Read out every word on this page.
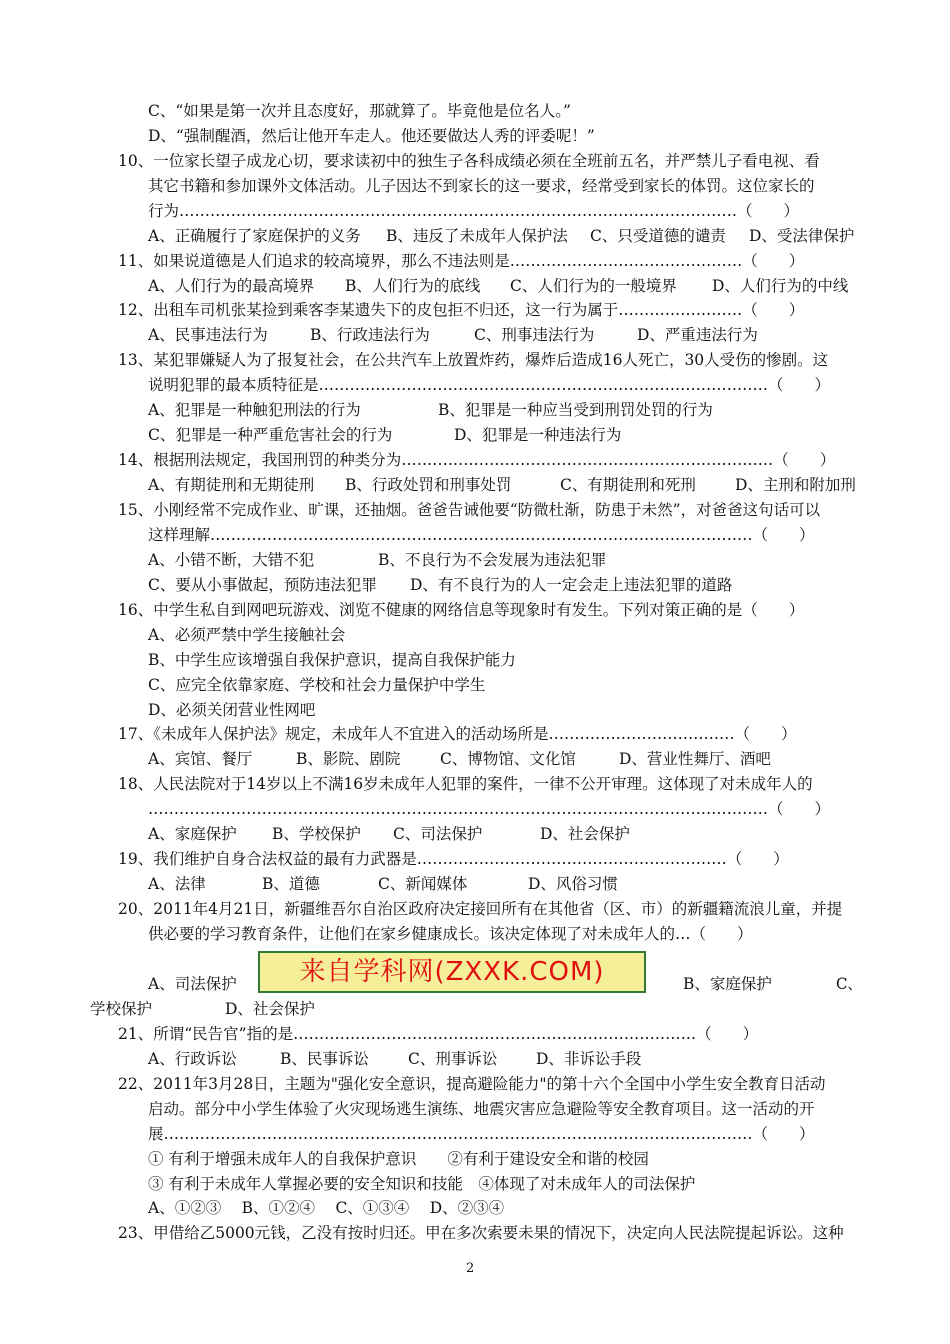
C、“如果是第一次并且态度好，那就算了。毕竟他是位名人。”
D、“强制醒酒，然后让他开车走人。他还要做达人秀的评委呢！”
10、一位家长望子成龙心切，要求读初中的独生子各科成绩必须在全班前五名，并严禁儿子看电视、看
其它书籍和参加课外文体活动。儿子因达不到家长的这一要求，经常受到家长的体罚。这位家长的
行为………………………………………………………………………………………………（　　）
A、正确履行了家庭保护的义务 B、违反了未成年人保护法 C、只受道德的谴责 D、受法律保护
11、如果说道德是人们追求的较高境界，那么不违法则是………………………………………（　　）
A、人们行为的最高境界 B、人们行为的底线 C、人们行为的一般境界 D、人们行为的中线
12、出租车司机张某捡到乘客李某遗失下的皮包拒不归还，这一行为属于……………………（　　）
A、民事违法行为	B、行政违法行为	C、刑事违法行为	D、严重违法行为
13、某犯罪嫌疑人为了报复社会，在公共汽车上放置炸药，爆炸后造成16人死亡，30人受伤的惨剧。这
说明犯罪的最本质特征是……………………………………………………………………………（　　）
A、犯罪是一种触犯刑法的行为	B、犯罪是一种应当受到刑罚处罚的行为
C、犯罪是一种严重危害社会的行为	D、犯罪是一种违法行为
14、根据刑法规定，我国刑罚的种类分为………………………………………………………………（　　）
A、有期徒刑和无期徒刑 B、行政处罚和刑事处罚	C、有期徒刑和死刑	D、主刑和附加刑
15、小刚经常不完成作业、旷课，还抽烟。爸爸告诫他要“防微杜渐，防患于未然”，对爸爸这句话可以
这样理解……………………………………………………………………………………………（　　）
A、小错不断，大错不犯	B、不良行为不会发展为违法犯罪
C、要从小事做起，预防违法犯罪 D、有不良行为的人一定会走上违法犯罪的道路
16、中学生私自到网吧玩游戏、浏览不健康的网络信息等现象时有发生。下列对策正确的是（　　）
A、必须严禁中学生接触社会
B、中学生应该增强自我保护意识，提高自我保护能力
C、应完全依靠家庭、学校和社会力量保护中学生
D、必须关闭营业性网吧
17、《未成年人保护法》规定，未成年人不宜进入的活动场所是………………………………（　　）
A、宾馆、餐厅	B、影院、剧院	C、博物馆、文化馆	D、营业性舞厅、酒吧
18、人民法院对于14岁以上不满16岁未成年人犯罪的案件，一律不公开审理。这体现了对未成年人的
…………………………………………………………………………………………………………（　　）
A、家庭保护 B、学校保护 C、司法保护	D、社会保护
19、我们维护自身合法权益的最有力武器是……………………………………………………（　　）
A、法律	B、道德	C、新闻媒体	D、风俗习惯
20、2011年4月21日，新疆维吾尔自治区政府决定接回所有在其他省（区、市）的新疆籍流浪儿童，并提
供必要的学习教育条件，让他们在家乡健康成长。该决定体现了对未成年人的…（　　）
A、司法保护	B、家庭保护	C、
学校保护	D、社会保护
来自学科网(ZXXK.COM)
21、所谓“民告官”指的是……………………………………………………………………（　　）
A、行政诉讼	B、民事诉讼	C、刑事诉讼 D、非诉讼手段
22、2011年3月28日，主题为"强化安全意识，提高避险能力"的第十六个全国中小学生安全教育日活动
启动。部分中小学生体验了火灾现场逃生演练、地震灾害应急避险等安全教育项目。这一活动的开
展……………………………………………………………………………………………………（　　）
① 有利于增强未成年人的自我保护意识　　②有利于建设安全和谐的校园
③ 有利于未成年人掌握必要的安全知识和技能　④体现了对未成年人的司法保护
A、①②③　 B、①②④　 C、①③④　 D、②③④
23、甲借给乙5000元钱，乙没有按时归还。甲在多次索要未果的情况下，决定向人民法院提起诉讼。这种
2
